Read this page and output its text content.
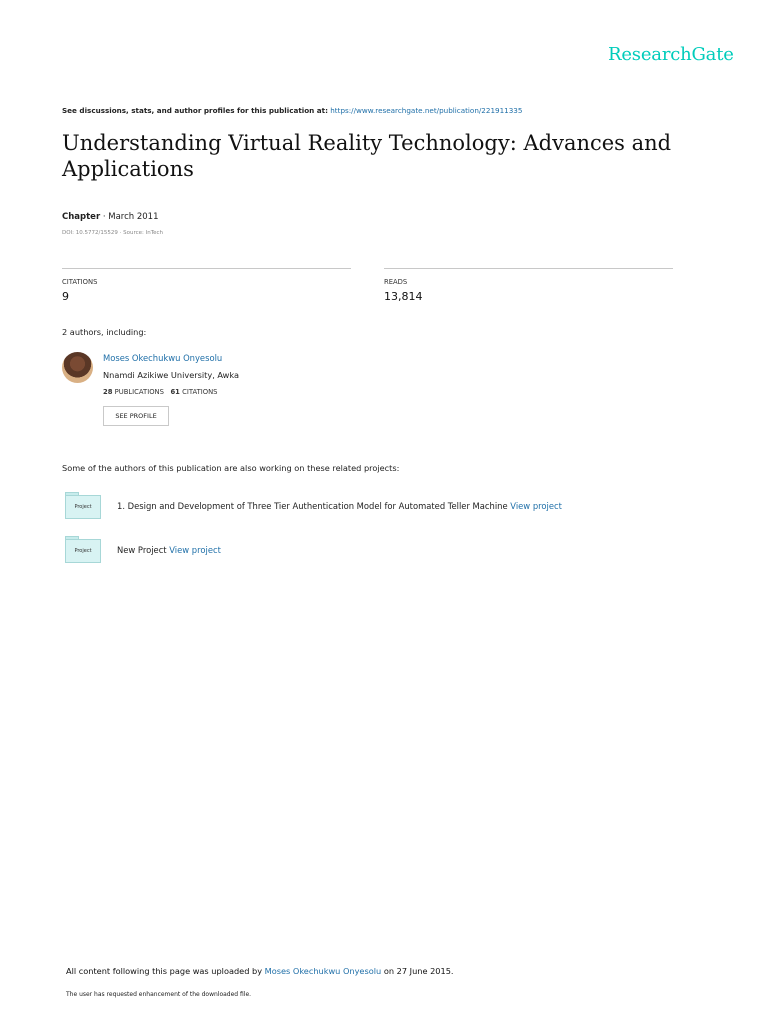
ResearchGate
See discussions, stats, and author profiles for this publication at: https://www.researchgate.net/publication/221911335
Understanding Virtual Reality Technology: Advances and Applications
Chapter · March 2011
DOI: 10.5772/15529 · Source: InTech
CITATIONS
9
READS
13,814
2 authors, including:
Moses Okechukwu Onyesolu
Nnamdi Azikiwe University, Awka
28 PUBLICATIONS 61 CITATIONS
SEE PROFILE
Some of the authors of this publication are also working on these related projects:
Project	1. Design and Development of Three Tier Authentication Model for Automated Teller Machine View project
Project	New Project View project
All content following this page was uploaded by Moses Okechukwu Onyesolu on 27 June 2015.
The user has requested enhancement of the downloaded file.
